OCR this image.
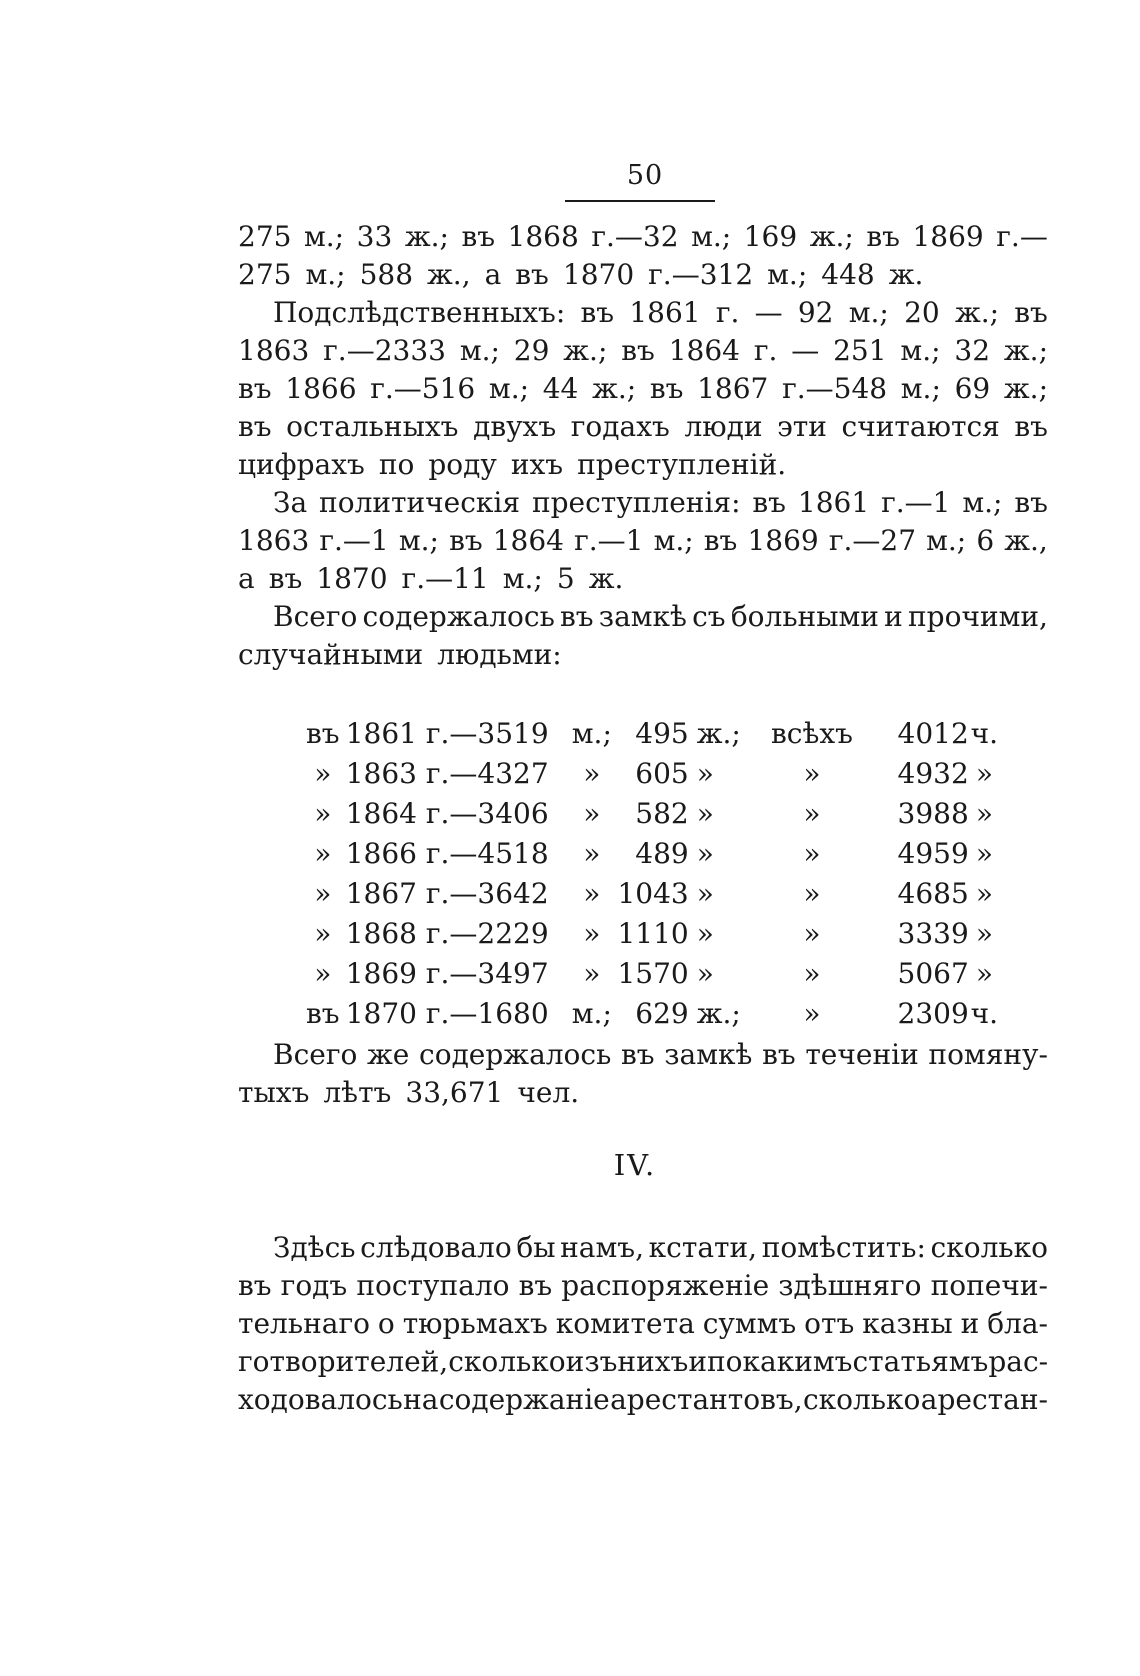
50
275 м.; 33 ж.; въ 1868 г.—32 м.; 169 ж.; въ 1869 г.—
275 м.; 588 ж., а въ 1870 г.—312 м.; 448 ж.
Подслѣдственныхъ: въ 1861 г. — 92 м.; 20 ж.; въ
1863 г.—2333 м.; 29 ж.; въ 1864 г. — 251 м.; 32 ж.;
въ 1866 г.—516 м.; 44 ж.; въ 1867 г.—548 м.; 69 ж.;
въ остальныхъ двухъ годахъ люди эти считаются въ
цифрахъ по роду ихъ преступленій.
За политическія преступленія: въ 1861 г.—1 м.; въ
1863 г.—1 м.; въ 1864 г.—1 м.; въ 1869 г.—27 м.; 6 ж.,
а въ 1870 г.—11 м.; 5 ж.
Всего содержалось въ замкѣ съ больными и прочими,
случайными людьми:
въ	1861 г.—3519	м.;	495	ж.;	всѣхъ	4012	ч.
»	1863 г.—4327	»	605	»	»	4932	»
»	1864 г.—3406	»	582	»	»	3988	»
»	1866 г.—4518	»	489	»	»	4959	»
»	1867 г.—3642	»	1043	»	»	4685	»
»	1868 г.—2229	»	1110	»	»	3339	»
»	1869 г.—3497	»	1570	»	»	5067	»
въ	1870 г.—1680	м.;	629	ж.;	»	2309	ч.
Всего же содержалось въ замкѣ въ теченіи помяну-
тыхъ лѣтъ 33,671 чел.
IV.
Здѣсь слѣдовало бы намъ, кстати, помѣстить: сколько
въ годъ поступало въ распоряженіе здѣшняго попечи-
тельнаго о тюрьмахъ комитета суммъ отъ казны и бла-
готворителей, сколько изъ нихъ и по какимъ статьямъ рас-
ходовалось на содержаніе арестантовъ, сколько арестан-
